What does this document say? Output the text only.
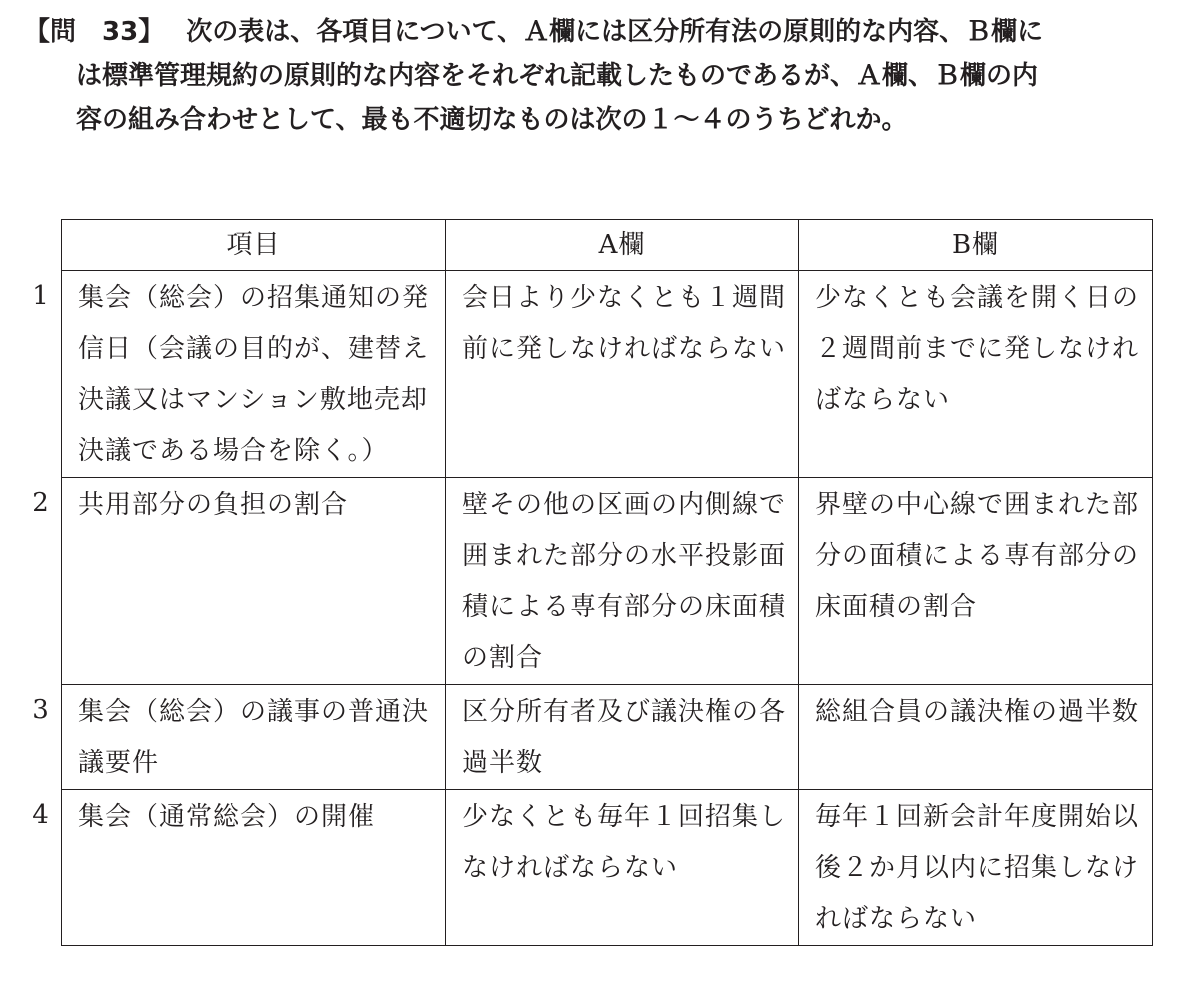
【問　33】 次の表は、各項目について、Ａ欄には区分所有法の原則的な内容、Ｂ欄に
は標準管理規約の原則的な内容をそれぞれ記載したものであるが、Ａ欄、Ｂ欄の内
容の組み合わせとして、最も不適切なものは次の１～４のうちどれか。
	項目	A欄	B欄

1	集会（総会）の招集通知の発信日（会議の目的が、建替え決議又はマンション敷地売却決議である場合を除く。）	会日より少なくとも１週間前に発しなければならない	少なくとも会議を開く日の２週間前までに発しなければならない

2	共用部分の負担の割合	壁その他の区画の内側線で囲まれた部分の水平投影面積による専有部分の床面積の割合	界壁の中心線で囲まれた部分の面積による専有部分の床面積の割合

3	集会（総会）の議事の普通決議要件	区分所有者及び議決権の各過半数	総組合員の議決権の過半数

4	集会（通常総会）の開催	少なくとも毎年１回招集しなければならない	毎年１回新会計年度開始以後２か月以内に招集しなければならない
